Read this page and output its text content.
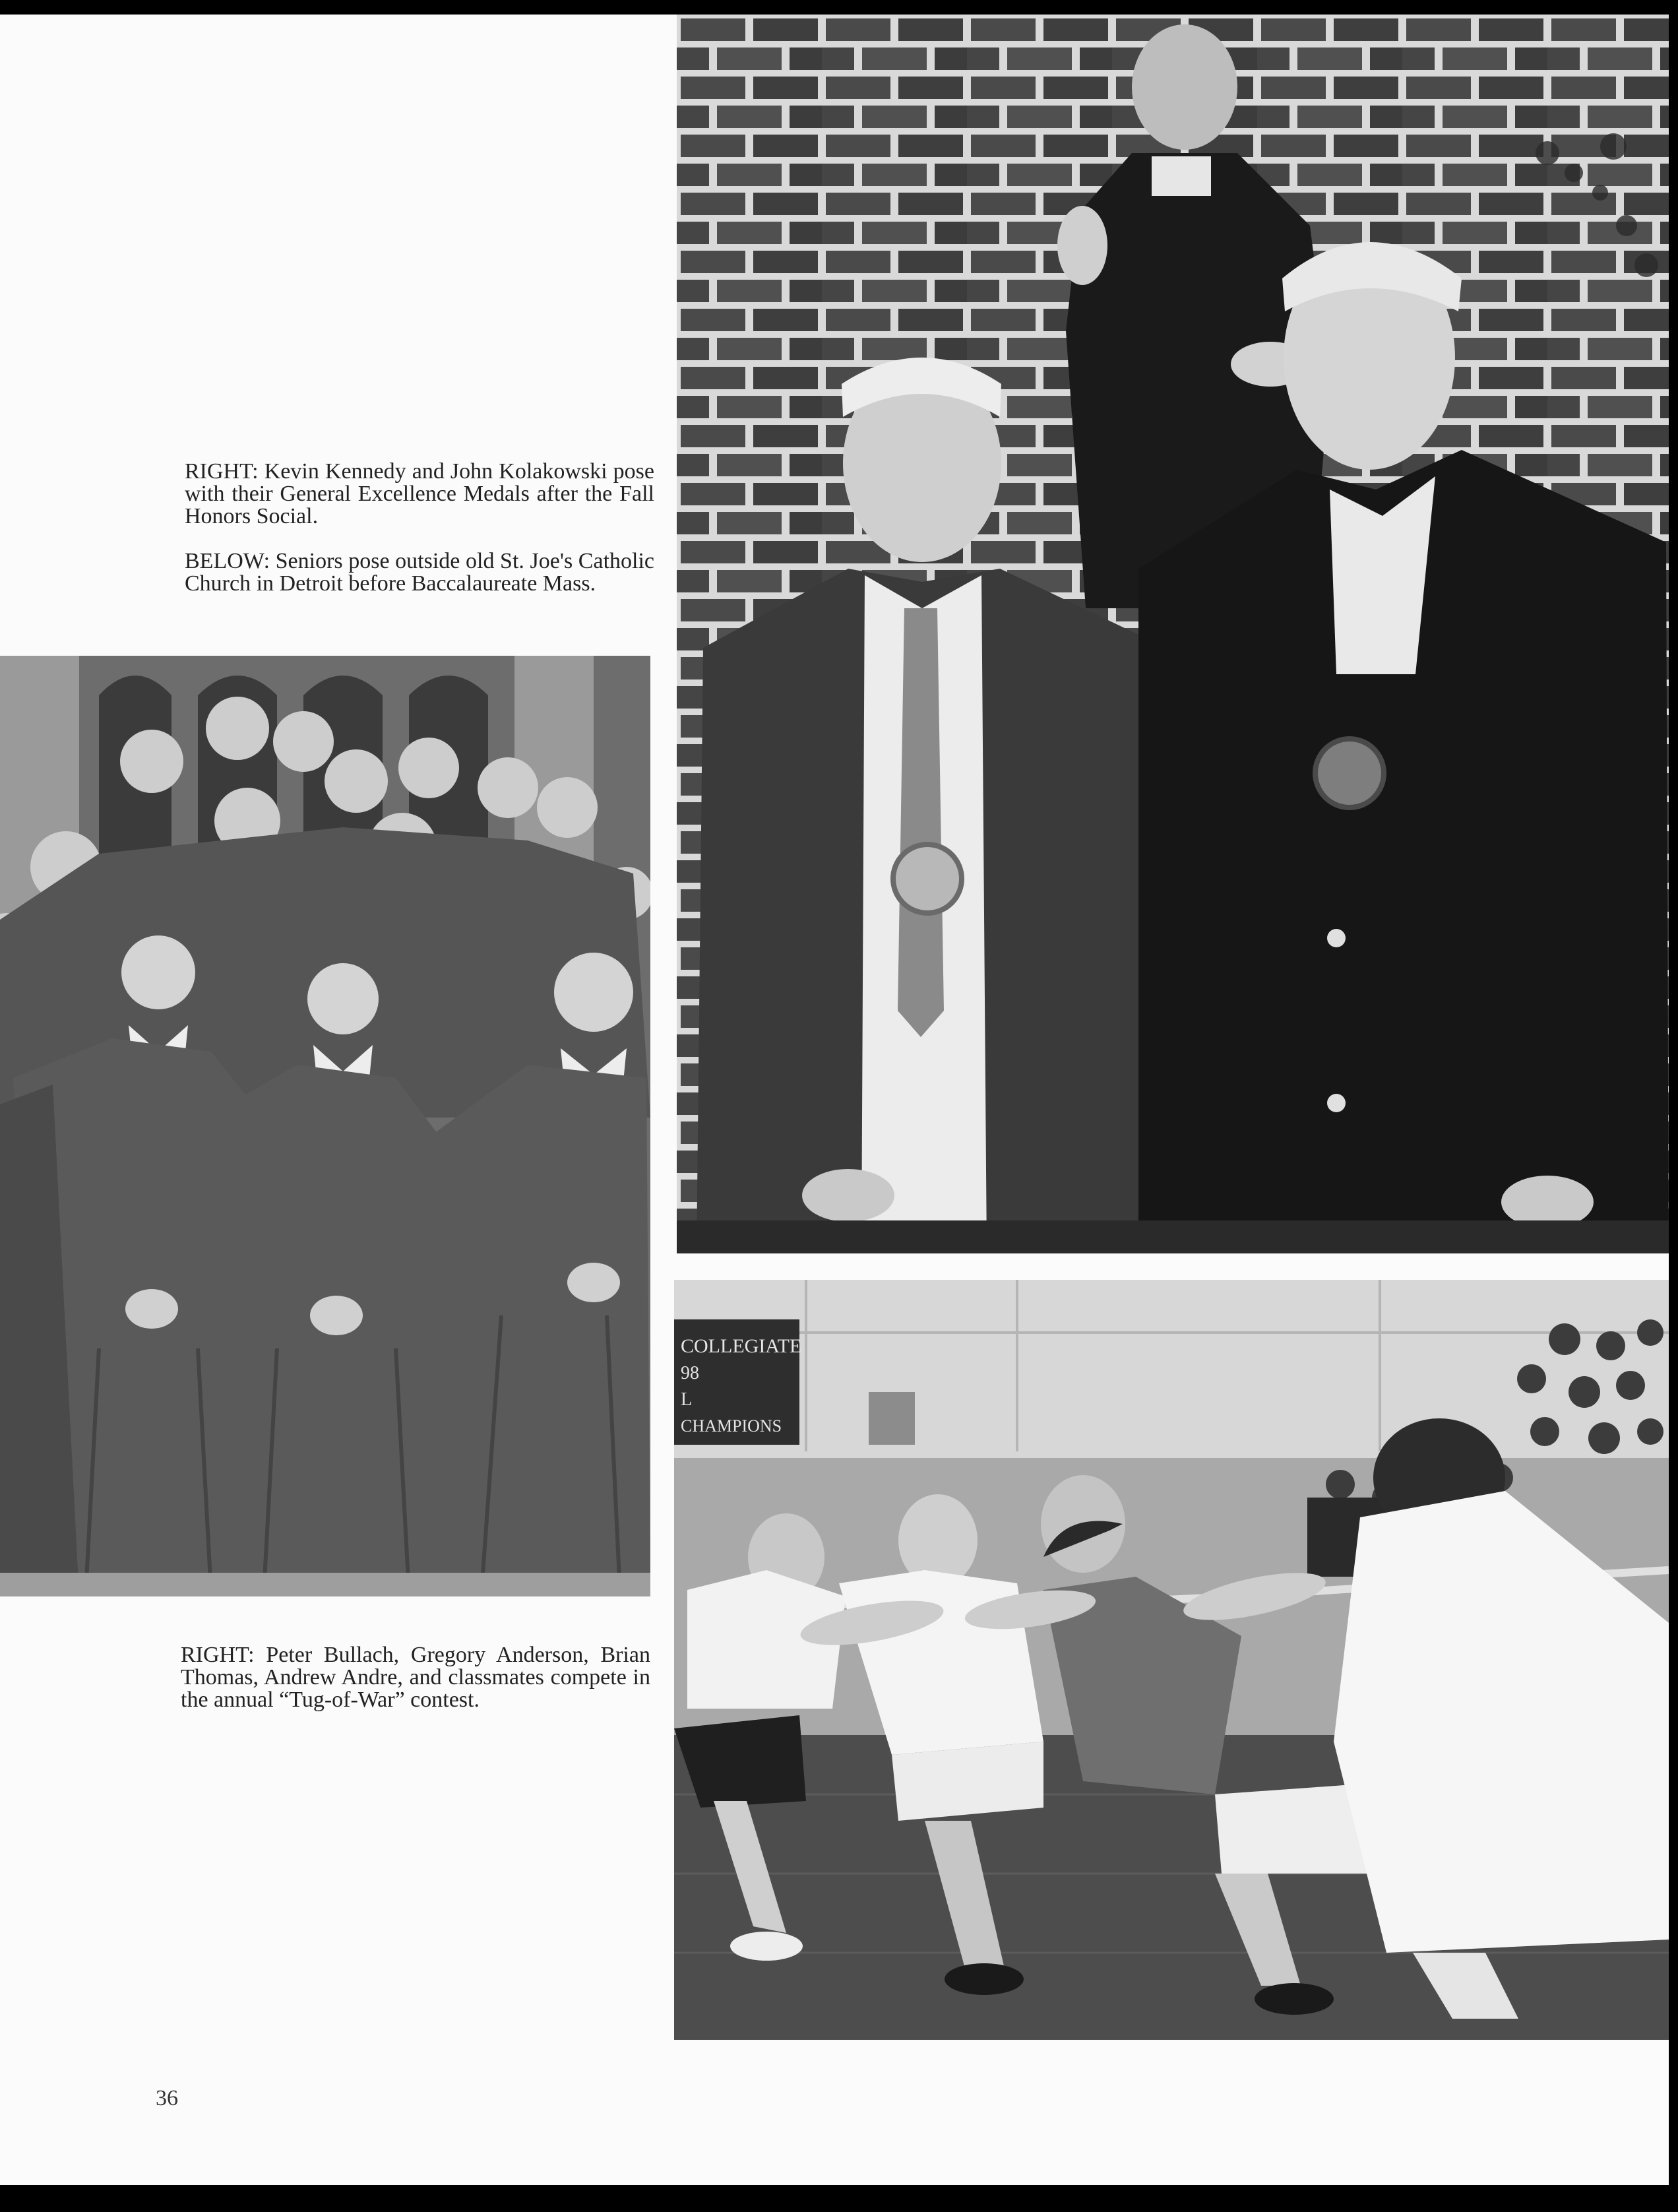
RIGHT: Kevin Kennedy and John Kolakowski pose with their General Excellence Medals after the Fall Honors Social.

BELOW: Seniors pose outside old St. Joe's Catholic Church in Detroit before Baccalaureate Mass.

RIGHT: Peter Bullach, Gregory Anderson, Brian Thomas, Andrew Andre, and classmates compete in the annual “Tug-of-War” contest.

COLLEGIATE
98
L
CHAMPIONS
36
